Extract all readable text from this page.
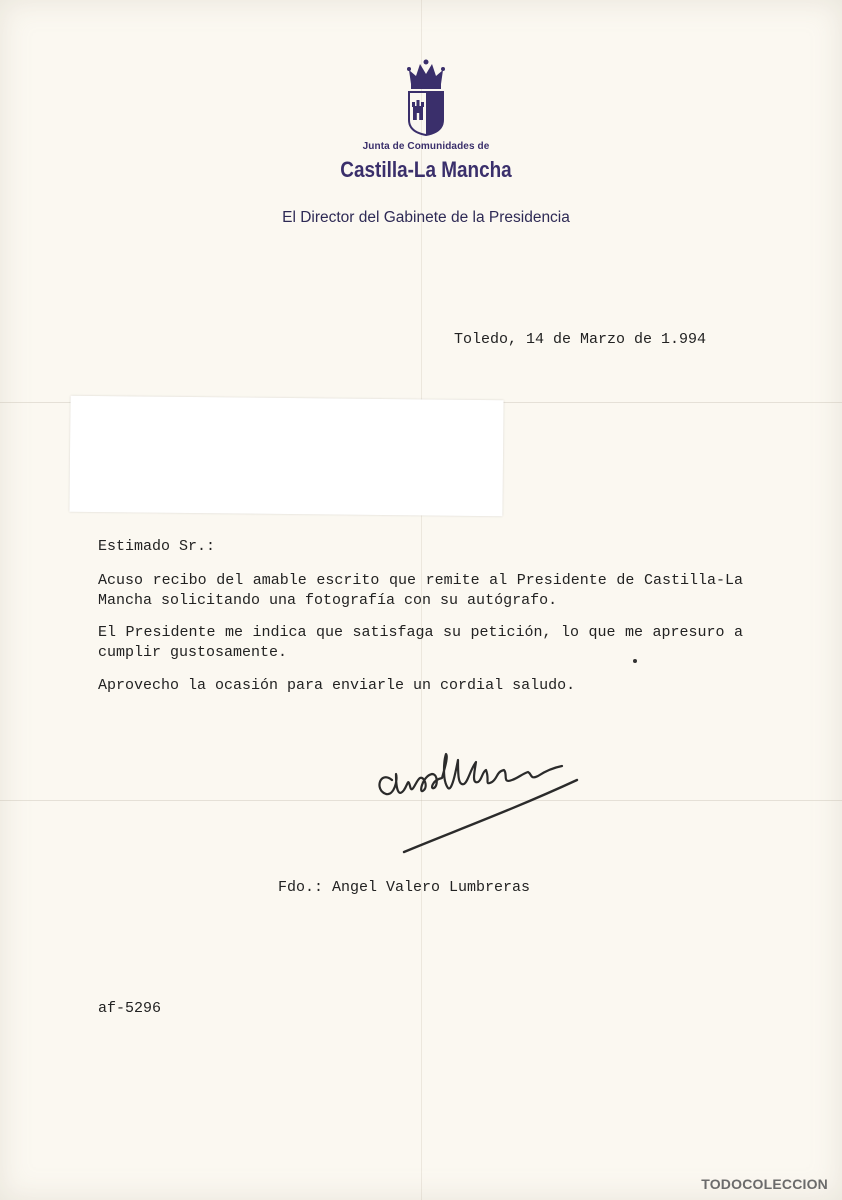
Junta de Comunidades de
Castilla-La Mancha
El Director del Gabinete de la Presidencia
Toledo, 14 de Marzo de 1.994
Estimado Sr.:
Acuso recibo del amable escrito que remite al Presidente de Castilla-La Mancha solicitando una fotografía con su autógrafo.
El Presidente me indica que satisfaga su petición, lo que me apresuro a cumplir gustosamente.
Aprovecho la ocasión para enviarle un cordial saludo.
Fdo.: Angel Valero Lumbreras
af-5296
TODOCOLECCION
